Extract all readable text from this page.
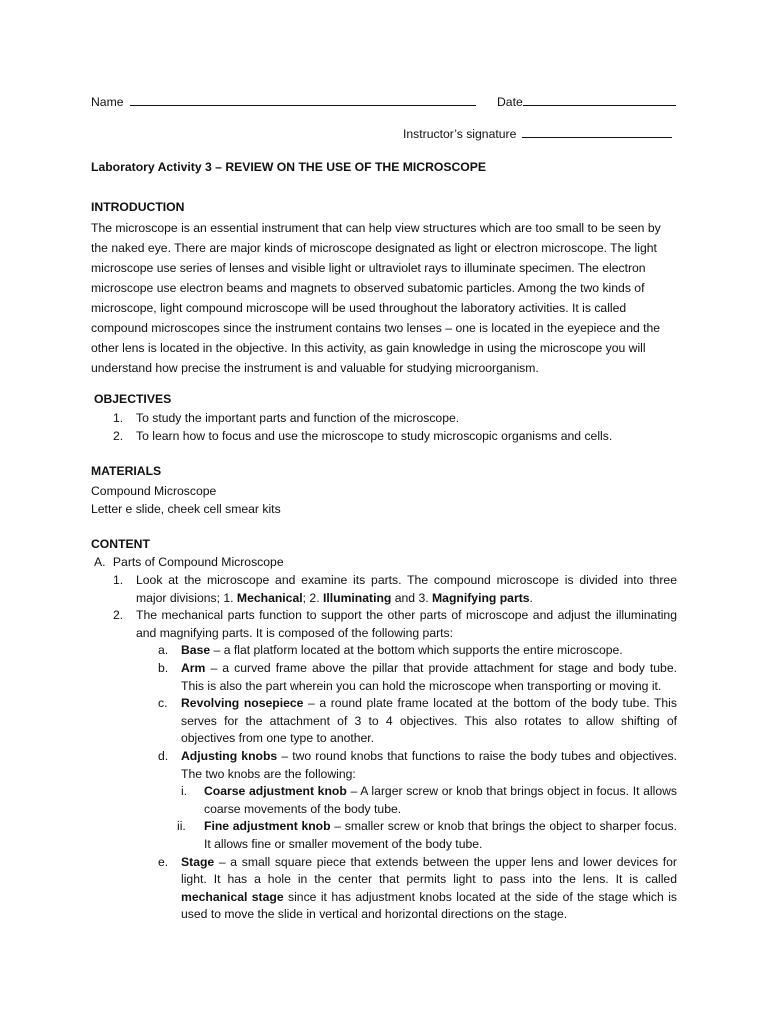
Name	Date
Instructor’s signature
Laboratory Activity 3 – REVIEW ON THE USE OF THE MICROSCOPE
INTRODUCTION
The microscope is an essential instrument that can help view structures which are too small to be seen by the naked eye. There are major kinds of microscope designated as light or electron microscope. The light microscope use series of lenses and visible light or ultraviolet rays to illuminate specimen. The electron microscope use electron beams and magnets to observed subatomic particles. Among the two kinds of microscope, light compound microscope will be used throughout the laboratory activities. It is called compound microscopes since the instrument contains two lenses – one is located in the eyepiece and the other lens is located in the objective. In this activity, as gain knowledge in using the microscope you will understand how precise the instrument is and valuable for studying microorganism.
OBJECTIVES
1. To study the important parts and function of the microscope.
2. To learn how to focus and use the microscope to study microscopic organisms and cells.
MATERIALS
Compound Microscope
Letter e slide, cheek cell smear kits
CONTENT
A. Parts of Compound Microscope
1. Look at the microscope and examine its parts. The compound microscope is divided into three major divisions; 1. Mechanical; 2. Illuminating and 3. Magnifying parts.
2. The mechanical parts function to support the other parts of microscope and adjust the illuminating and magnifying parts. It is composed of the following parts:
a. Base – a flat platform located at the bottom which supports the entire microscope.
b. Arm – a curved frame above the pillar that provide attachment for stage and body tube. This is also the part wherein you can hold the microscope when transporting or moving it.
c. Revolving nosepiece – a round plate frame located at the bottom of the body tube. This serves for the attachment of 3 to 4 objectives. This also rotates to allow shifting of objectives from one type to another.
d. Adjusting knobs – two round knobs that functions to raise the body tubes and objectives. The two knobs are the following:
i. Coarse adjustment knob – A larger screw or knob that brings object in focus. It allows coarse movements of the body tube.
ii. Fine adjustment knob – smaller screw or knob that brings the object to sharper focus. It allows fine or smaller movement of the body tube.
e. Stage – a small square piece that extends between the upper lens and lower devices for light. It has a hole in the center that permits light to pass into the lens. It is called mechanical stage since it has adjustment knobs located at the side of the stage which is used to move the slide in vertical and horizontal directions on the stage.
